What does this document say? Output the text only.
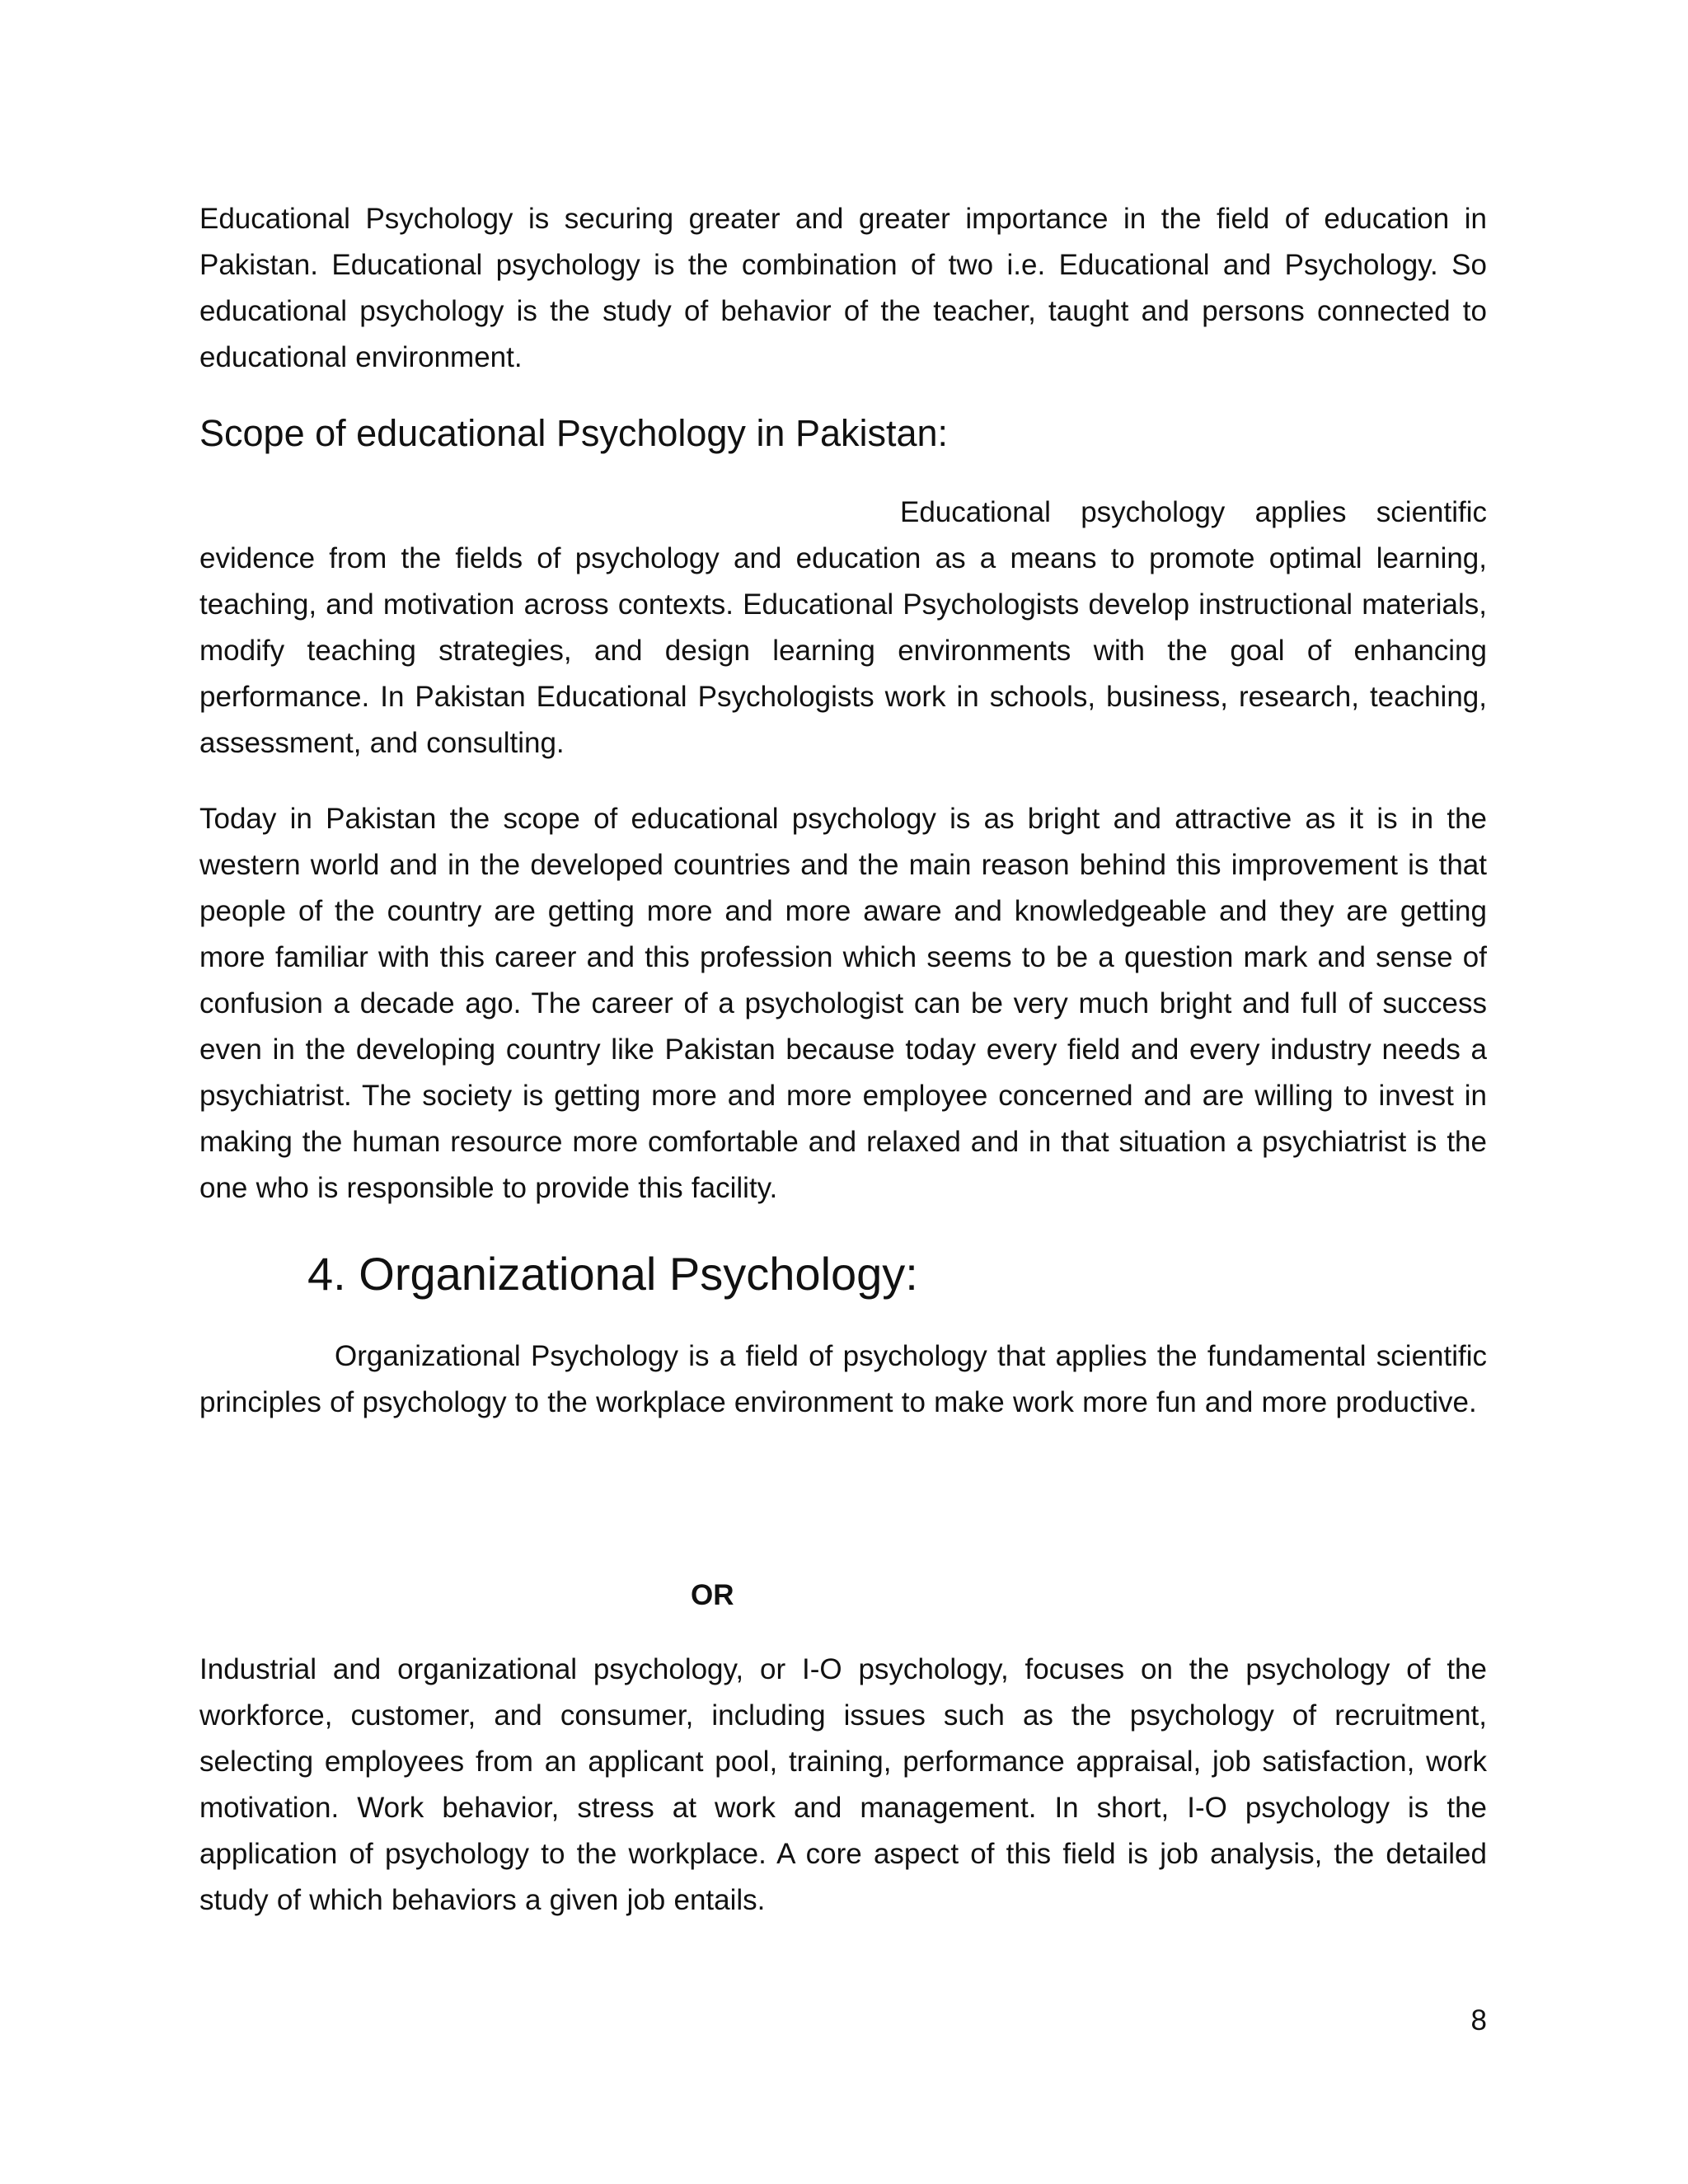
Educational Psychology is securing greater and greater importance in the field of education in Pakistan. Educational psychology is the combination of two i.e. Educational and Psychology. So educational psychology is the study of behavior of the teacher, taught and persons connected to educational environment.

Scope of educational Psychology in Pakistan:

Educational psychology applies scientific evidence from the fields of psychology and education as a means to promote optimal learning, teaching, and motivation across contexts. Educational Psychologists develop instructional materials, modify teaching strategies, and design learning environments with the goal of enhancing performance. In Pakistan Educational Psychologists work in schools, business, research, teaching, assessment, and consulting.

Today in Pakistan the scope of educational psychology is as bright and attractive as it is in the western world and in the developed countries and the main reason behind this improvement is that people of the country are getting more and more aware and knowledgeable and they are getting more familiar with this career and this profession which seems to be a question mark and sense of confusion a decade ago. The career of a psychologist can be very much bright and full of success even in the developing country like Pakistan because today every field and every industry needs a psychiatrist. The society is getting more and more employee concerned and are willing to invest in making the human resource more comfortable and relaxed and in that situation a psychiatrist is the one who is responsible to provide this facility.

4. Organizational Psychology:

Organizational Psychology is a field of psychology that applies the fundamental scientific principles of psychology to the workplace environment to make work more fun and more productive.

OR

Industrial and organizational psychology, or I-O psychology, focuses on the psychology of the workforce, customer, and consumer, including issues such as the psychology of recruitment, selecting employees from an applicant pool, training, performance appraisal, job satisfaction, work motivation. Work behavior, stress at work and management. In short, I-O psychology is the application of psychology to the workplace. A core aspect of this field is job analysis, the detailed study of which behaviors a given job entails.

8
